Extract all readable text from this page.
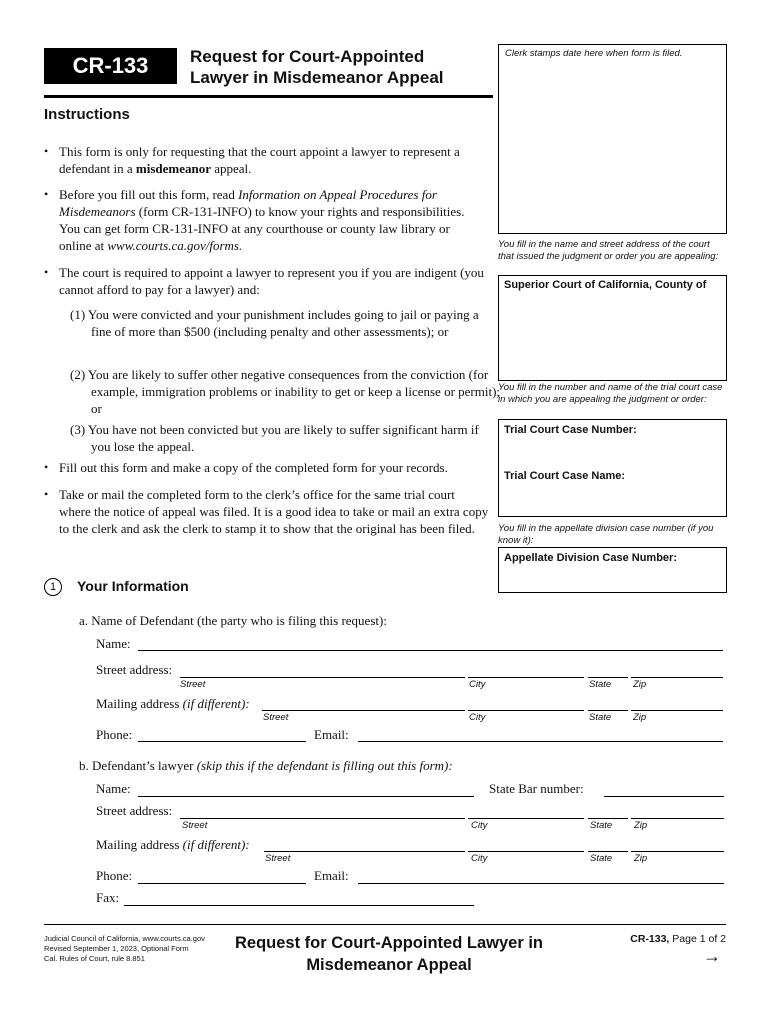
CR-133	Request for Court-Appointed
Lawyer in Misdemeanor Appeal
Clerk stamps date here when form is filed.
You fill in the name and street address of the court that issued the judgment or order you are appealing:
Superior Court of California, County of
You fill in the number and name of the trial court case in which you are appealing the judgment or order:
Trial Court Case Number:
Trial Court Case Name:
You fill in the appellate division case number (if you know it):
Appellate Division Case Number:
Instructions
• This form is only for requesting that the court appoint a lawyer to represent a defendant in a misdemeanor appeal.
• Before you fill out this form, read Information on Appeal Procedures for Misdemeanors (form CR-131-INFO) to know your rights and responsibilities. You can get form CR-131-INFO at any courthouse or county law library or online at www.courts.ca.gov/forms.
• The court is required to appoint a lawyer to represent you if you are indigent (you cannot afford to pay for a lawyer) and:
(1) You were convicted and your punishment includes going to jail or paying a fine of more than $500 (including penalty and other assessments); or
(2) You are likely to suffer other negative consequences from the conviction (for example, immigration problems or inability to get or keep a license or permit); or
(3) You have not been convicted but you are likely to suffer significant harm if you lose the appeal.
• Fill out this form and make a copy of the completed form for your records.
• Take or mail the completed form to the clerk’s office for the same trial court where the notice of appeal was filed. It is a good idea to take or mail an extra copy to the clerk and ask the clerk to stamp it to show that the original has been filed.
1	Your Information
a. Name of Defendant (the party who is filing this request):
Name:
Street address:
Street	City	State Zip
Mailing address (if different):
Street	City	State Zip
Phone:	Email:
b. Defendant’s lawyer (skip this if the defendant is filling out this form):
Name:	State Bar number:
Street address:
Street	City	State Zip
Mailing address (if different):
Street	City	State Zip
Phone:	Email:
Fax:
Judicial Council of California, www.courts.ca.gov
Revised September 1, 2023, Optional Form
Cal. Rules of Court, rule 8.851
Request for Court-Appointed Lawyer in
Misdemeanor Appeal
CR-133, Page 1 of 2
→
